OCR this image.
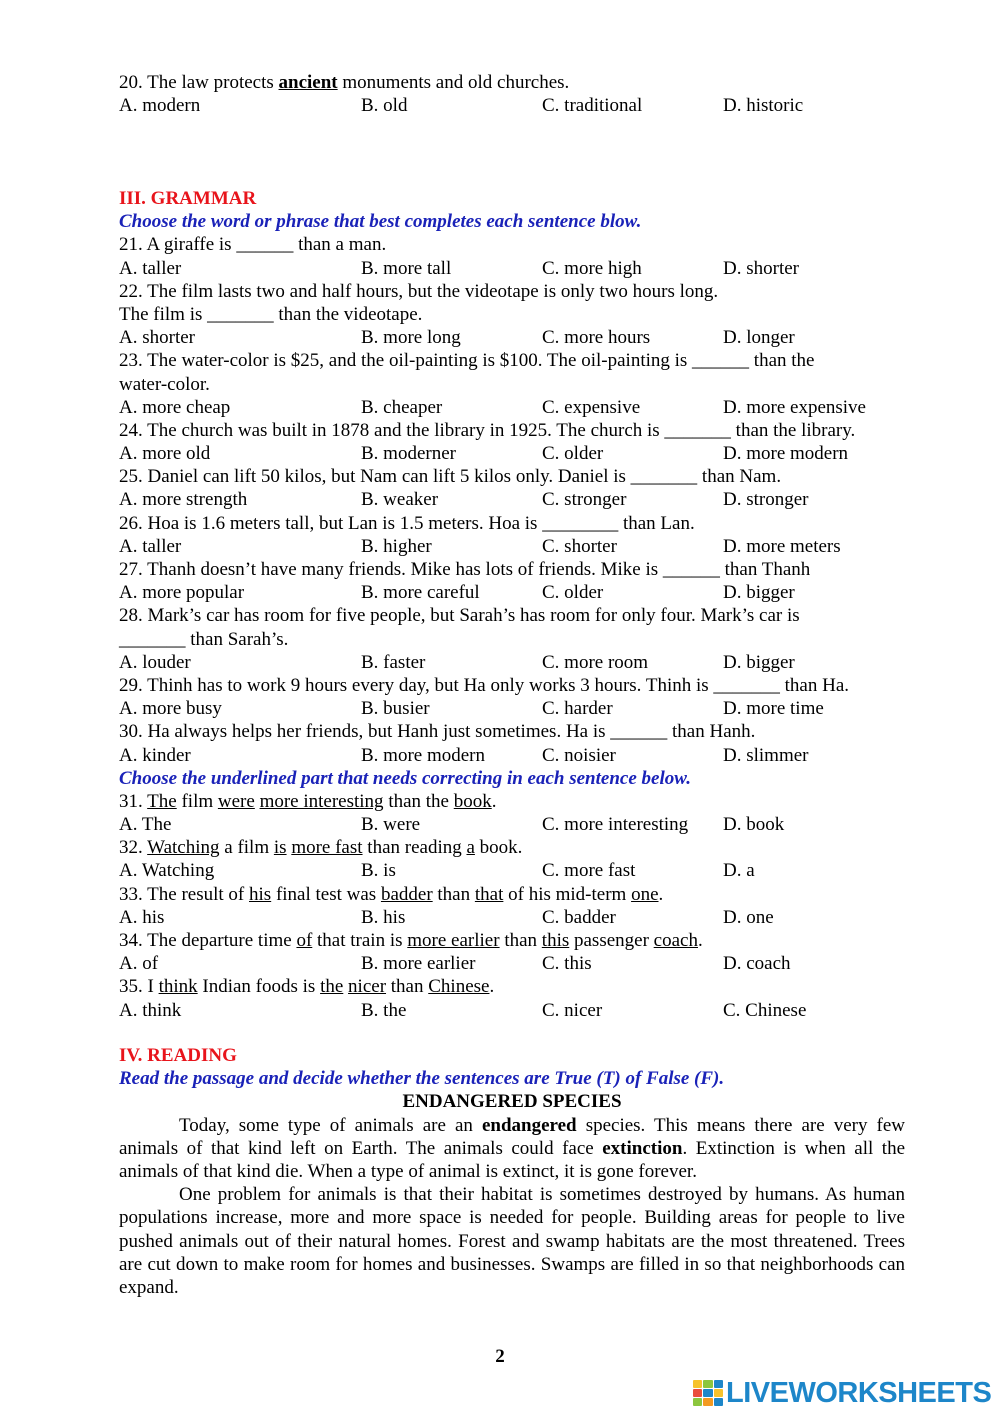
20. The law protects ancient monuments and old churches.
A. modern	B. old	C. traditional	D. historic
III. GRAMMAR
Choose the word or phrase that best completes each sentence blow.
21. A giraffe is ______ than a man.
A. taller	B. more tall	C. more high	D. shorter
22. The film lasts two and half hours, but the videotape is only two hours long.
The film is _______ than the videotape.
A. shorter	B. more long	C. more hours	D. longer
23. The water-color is $25, and the oil-painting is $100. The oil-painting is ______ than the
water-color.
A. more cheap	B. cheaper	C. expensive	D. more expensive
24. The church was built in 1878 and the library in 1925. The church is _______ than the library.
A. more old	B. moderner	C. older	D. more modern
25. Daniel can lift 50 kilos, but Nam can lift 5 kilos only. Daniel is _______ than Nam.
A. more strength	B. weaker	C. stronger	D. stronger
26. Hoa is 1.6 meters tall, but Lan is 1.5 meters. Hoa is ________ than Lan.
A. taller	B. higher	C. shorter	D. more meters
27. Thanh doesn’t have many friends. Mike has lots of friends. Mike is ______ than Thanh
A. more popular	B. more careful	C. older	D. bigger
28. Mark’s car has room for five people, but Sarah’s has room for only four. Mark’s car is
_______ than Sarah’s.
A. louder	B. faster	C. more room	D. bigger
29. Thinh has to work 9 hours every day, but Ha only works 3 hours. Thinh is _______ than Ha.
A. more busy	B. busier	C. harder	D. more time
30. Ha always helps her friends, but Hanh just sometimes. Ha is ______ than Hanh.
A. kinder	B. more modern	C. noisier	D. slimmer
Choose the underlined part that needs correcting in each sentence below.
31. The film were more interesting than the book.
A. The	B. were	C. more interesting D. book
32. Watching a film is more fast than reading a book.
A. Watching	B. is	C. more fast	D. a
33. The result of his final test was badder than that of his mid-term one.
A. his	B. his	C. badder	D. one
34. The departure time of that train is more earlier than this passenger coach.
A. of	B. more earlier	C. this	D. coach
35. I think Indian foods is the nicer than Chinese.
A. think	B. the	C. nicer	C. Chinese
IV. READING
Read the passage and decide whether the sentences are True (T) of False (F).
ENDANGERED SPECIES

Today, some type of animals are an endangered species. This means there are very few animals of that kind left on Earth. The animals could face extinction. Extinction is when all the animals of that kind die. When a type of animal is extinct, it is gone forever.

One problem for animals is that their habitat is sometimes destroyed by humans. As human populations increase, more and more space is needed for people. Building areas for people to live pushed animals out of their natural homes. Forest and swamp habitats are the most threatened. Trees are cut down to make room for homes and businesses. Swamps are filled in so that neighborhoods can expand.

2
LIVEWORKSHEETS
